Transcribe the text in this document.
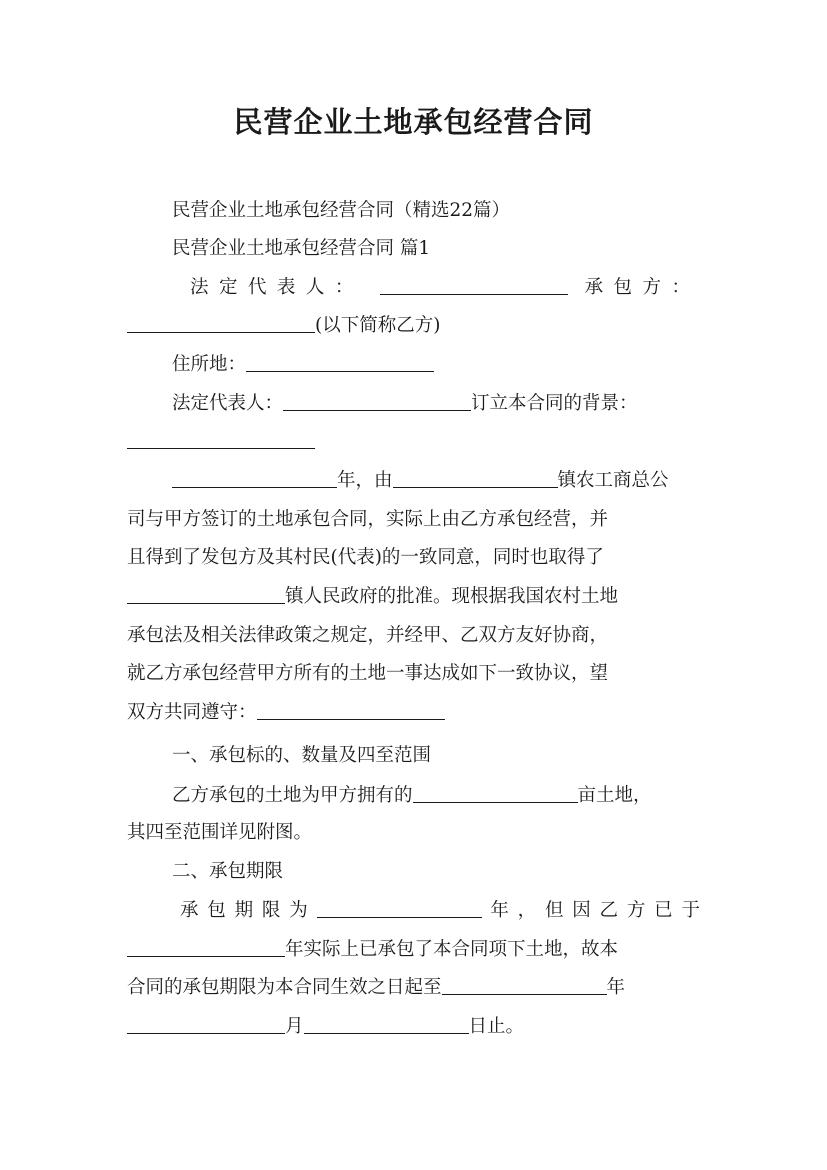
民营企业土地承包经营合同
民营企业土地承包经营合同（精选22篇）
民营企业土地承包经营合同 篇1
法定代表人：	承包方：
(以下简称乙方)
住所地：
法定代表人：	订立本合同的背景：
年，由	镇农工商总公
司与甲方签订的土地承包合同，实际上由乙方承包经营，并
且得到了发包方及其村民(代表)的一致同意，同时也取得了
镇人民政府的批准。现根据我国农村土地
承包法及相关法律政策之规定，并经甲、乙双方友好协商，
就乙方承包经营甲方所有的土地一事达成如下一致协议，望
双方共同遵守：
一、承包标的、数量及四至范围
乙方承包的土地为甲方拥有的	亩土地，
其四至范围详见附图。
二、承包期限
承包期限为	年，但因乙方已于
年实际上已承包了本合同项下土地，故本
合同的承包期限为本合同生效之日起至	年
月	日止。
